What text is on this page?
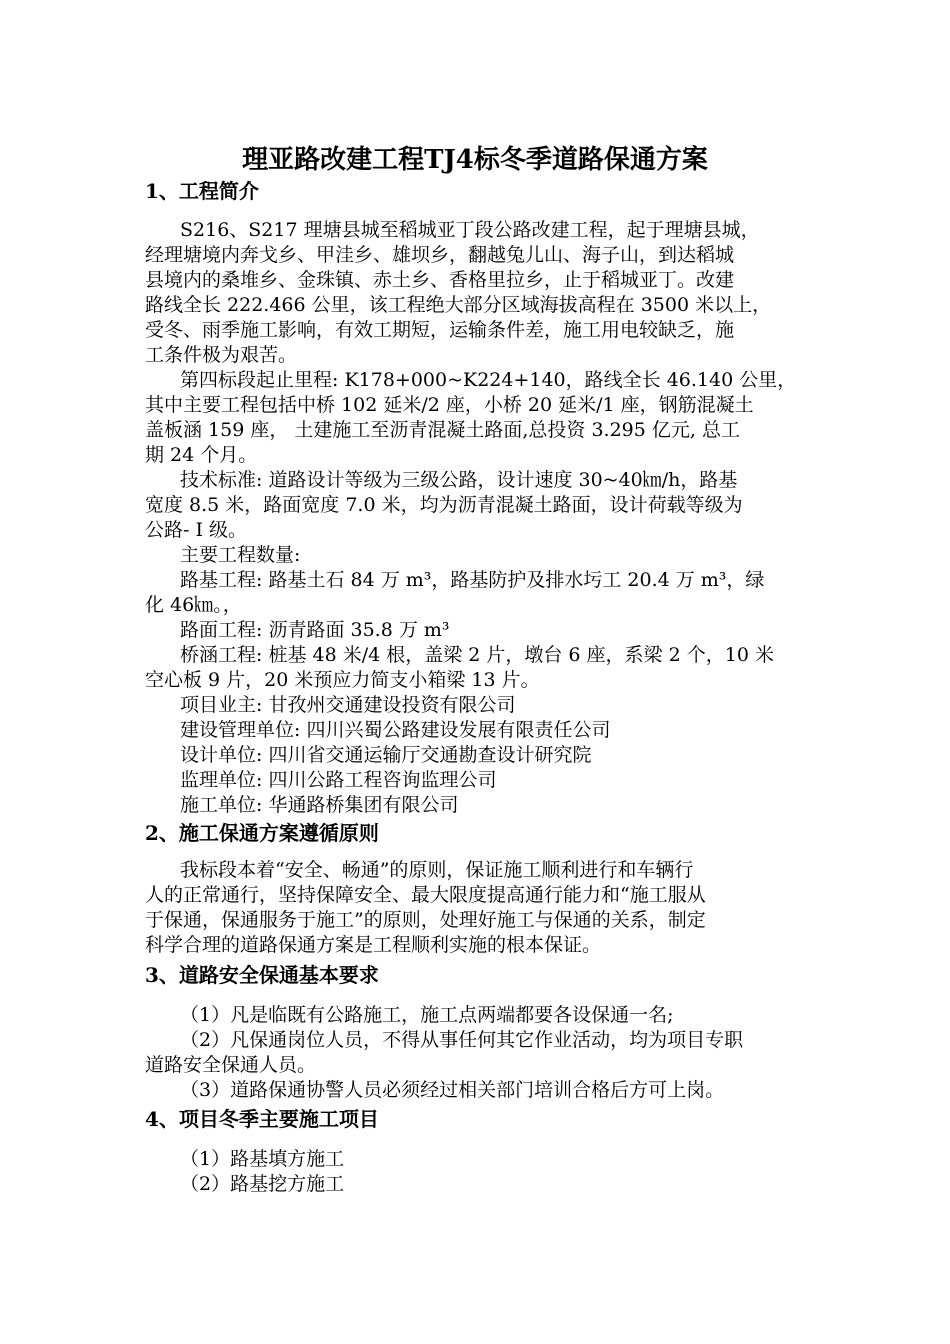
理亚路改建工程TJ4标冬季道路保通方案
1、工程简介
S216、S217 理塘县城至稻城亚丁段公路改建工程，起于理塘县城，
经理塘境内奔戈乡、甲洼乡、雄坝乡，翻越兔儿山、海子山，到达稻城
县境内的桑堆乡、金珠镇、赤土乡、香格里拉乡，止于稻城亚丁。改建
路线全长 222.466 公里，该工程绝大部分区域海拔高程在 3500 米以上，
受冬、雨季施工影响，有效工期短，运输条件差，施工用电较缺乏，施
工条件极为艰苦。
第四标段起止里程: K178+000~K224+140，路线全长 46.140 公里，
其中主要工程包括中桥 102 延米/2 座，小桥 20 延米/1 座，钢筋混凝土
盖板涵 159 座， 土建施工至沥青混凝土路面,总投资 3.295 亿元, 总工
期 24 个月。
技术标准: 道路设计等级为三级公路，设计速度 30~40㎞/h，路基
宽度 8.5 米，路面宽度 7.0 米，均为沥青混凝土路面，设计荷载等级为
公路- Ⅰ 级。
主要工程数量:
路基工程: 路基土石 84 万 m³，路基防护及排水圬工 20.4 万 m³，绿
化 46㎞。，
路面工程: 沥青路面 35.8 万 m³
桥涵工程: 桩基 48 米/4 根，盖梁 2 片，墩台 6 座，系梁 2 个，10 米
空心板 9 片，20 米预应力简支小箱梁 13 片。
项目业主: 甘孜州交通建设投资有限公司
建设管理单位: 四川兴蜀公路建设发展有限责任公司
设计单位: 四川省交通运输厅交通勘查设计研究院
监理单位: 四川公路工程咨询监理公司
施工单位: 华通路桥集团有限公司
2、施工保通方案遵循原则
我标段本着“安全、畅通”的原则，保证施工顺利进行和车辆行
人的正常通行，坚持保障安全、最大限度提高通行能力和“施工服从
于保通，保通服务于施工”的原则，处理好施工与保通的关系，制定
科学合理的道路保通方案是工程顺利实施的根本保证。
3、道路安全保通基本要求
（1）凡是临既有公路施工，施工点两端都要各设保通一名;
（2）凡保通岗位人员，不得从事任何其它作业活动，均为项目专职
道路安全保通人员。
（3）道路保通协警人员必须经过相关部门培训合格后方可上岗。
4、项目冬季主要施工项目
（1）路基填方施工
（2）路基挖方施工
